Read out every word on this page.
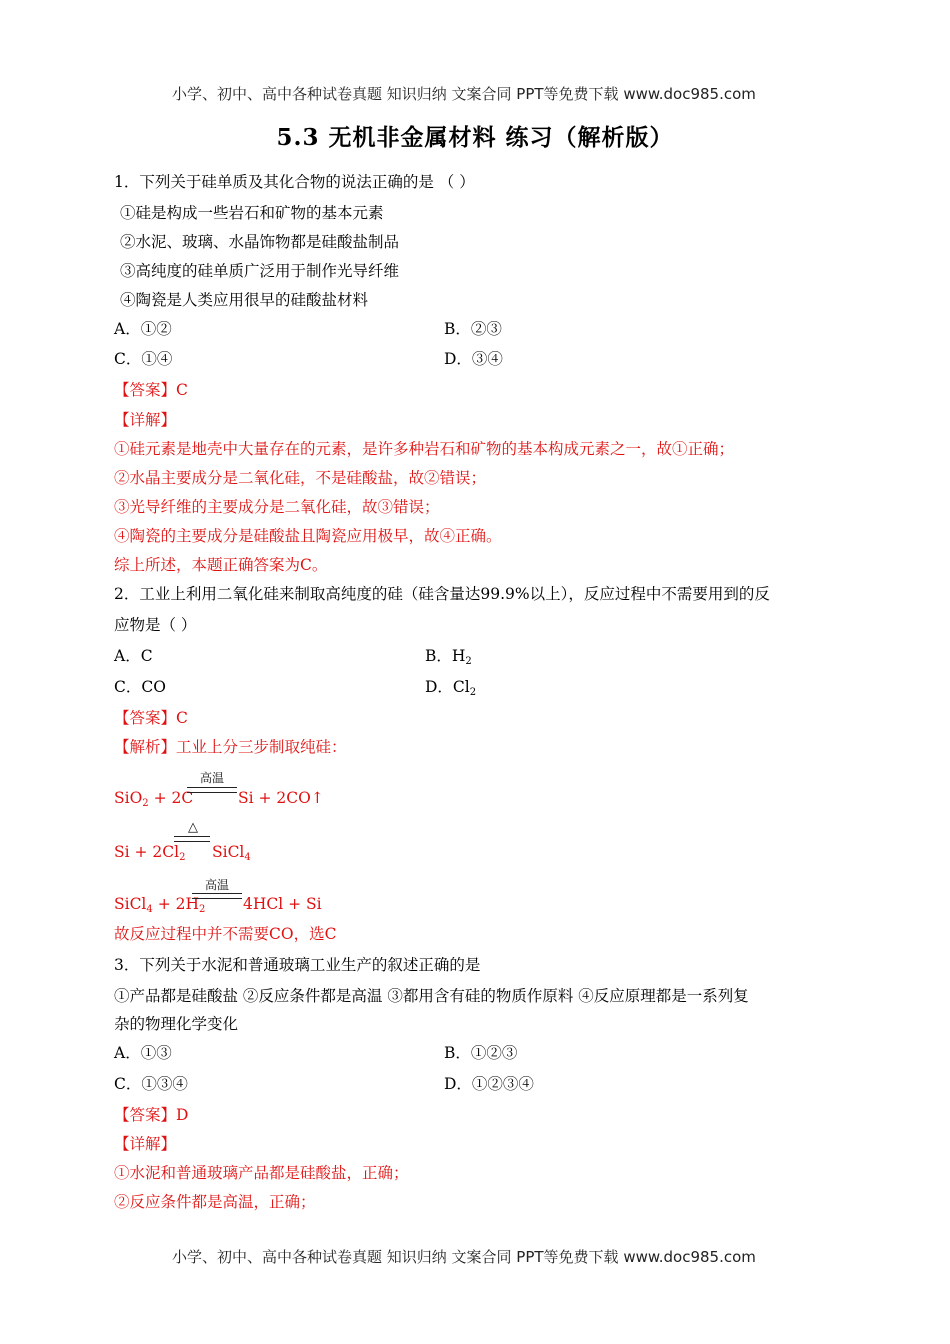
小学、初中、高中各种试卷真题 知识归纳 文案合同 PPT等免费下载 www.doc985.com
5.3 无机非金属材料 练习（解析版）
1．下列关于硅单质及其化合物的说法正确的是 （ ）
①硅是构成一些岩石和矿物的基本元素
②水泥、玻璃、水晶饰物都是硅酸盐制品
③高纯度的硅单质广泛用于制作光导纤维
④陶瓷是人类应用很早的硅酸盐材料
A．①②	B．②③
C．①④	D．③④
【答案】C
【详解】
①硅元素是地壳中大量存在的元素，是许多种岩石和矿物的基本构成元素之一，故①正确；
②水晶主要成分是二氧化硅，不是硅酸盐，故②错误；
③光导纤维的主要成分是二氧化硅，故③错误；
④陶瓷的主要成分是硅酸盐且陶瓷应用极早，故④正确。
综上所述，本题正确答案为C。
2．工业上利用二氧化硅来制取高纯度的硅（硅含量达99.9%以上），反应过程中不需要用到的反
应物是（ ）
A．C	B．$H_2$
C．CO	D．$Cl_2$
【答案】C
【解析】工业上分三步制取纯硅：
SiO$_2$ + 2C
高温
Si + 2CO↑
$Si + 2Cl_2$
△
SiCl$_4$
SiCl$_4$ + $2H_2$
高温
4HCl + Si
故反应过程中并不需要CO，选C
3．下列关于水泥和普通玻璃工业生产的叙述正确的是
①产品都是硅酸盐 ②反应条件都是高温 ③都用含有硅的物质作原料 ④反应原理都是一系列复
杂的物理化学变化
A．①③	B．①②③
C．①③④	D．①②③④
【答案】D
【详解】
①水泥和普通玻璃产品都是硅酸盐，正确；
②反应条件都是高温，正确；
小学、初中、高中各种试卷真题 知识归纳 文案合同 PPT等免费下载 www.doc985.com
